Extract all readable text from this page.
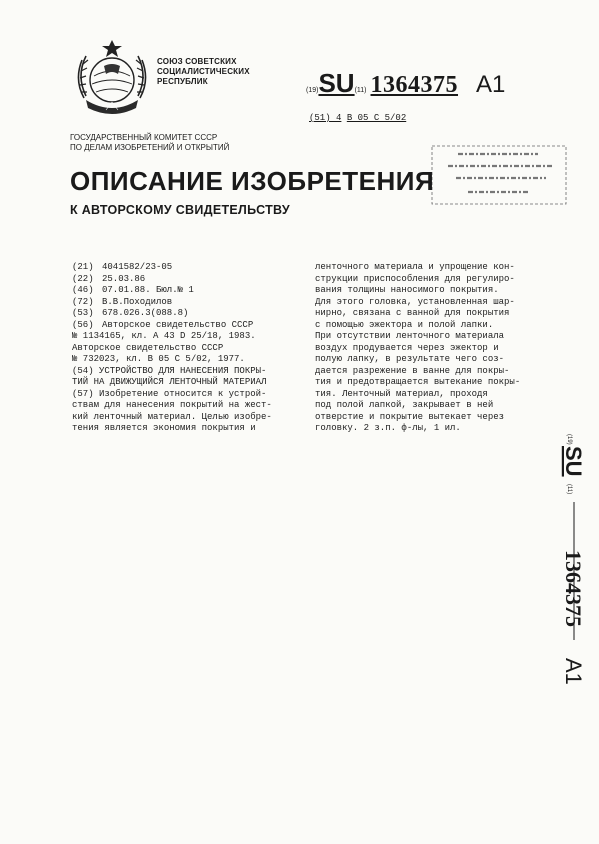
СОЮЗ СОВЕТСКИХ
СОЦИАЛИСТИЧЕСКИХ
РЕСПУБЛИК
(19)SU(11) 1364375 A1
(51) 4 B 05 C 5/02
ГОСУДАРСТВЕННЫЙ КОМИТЕТ СССР
ПО ДЕЛАМ ИЗОБРЕТЕНИЙ И ОТКРЫТИЙ
ОПИСАНИЕ ИЗОБРЕТЕНИЯ
К АВТОРСКОМУ СВИДЕТЕЛЬСТВУ
(21) 4041582/23-05
(22) 25.03.86
(46) 07.01.88. Бюл.№ 1
(72) В.В.Походилов
(53) 678.026.3(088.8)
(56) Авторское свидетельство СССР
№ 1134165, кл. А 43 D 25/18, 1983.
Авторское свидетельство СССР
№ 732023, кл. В 05 С 5/02, 1977.
(54) УСТРОЙСТВО ДЛЯ НАНЕСЕНИЯ ПОКРЫ-
ТИЙ НА ДВИЖУЩИЙСЯ ЛЕНТОЧНЫЙ МАТЕРИАЛ
(57) Изобретение относится к устрой-
ствам для нанесения покрытий на жест-
кий ленточный материал. Целью изобре-
тения является экономия покрытия и
ленточного материала и упрощение кон-
струкции приспособления для регулиро-
вания толщины наносимого покрытия.
Для этого головка, установленная шар-
нирно, связана с ванной для покрытия
с помощью эжектора и полой лапки.
При отсутствии ленточного материала
воздух продувается через эжектор и
полую лапку, в результате чего соз-
дается разрежение в ванне для покры-
тия и предотвращается вытекание покры-
тия. Ленточный материал, проходя
под полой лапкой, закрывает в ней
отверстие и покрытие вытекает через
головку. 2 з.п. ф-лы, 1 ил.
(19)
SU
(11)
1364375
A1
